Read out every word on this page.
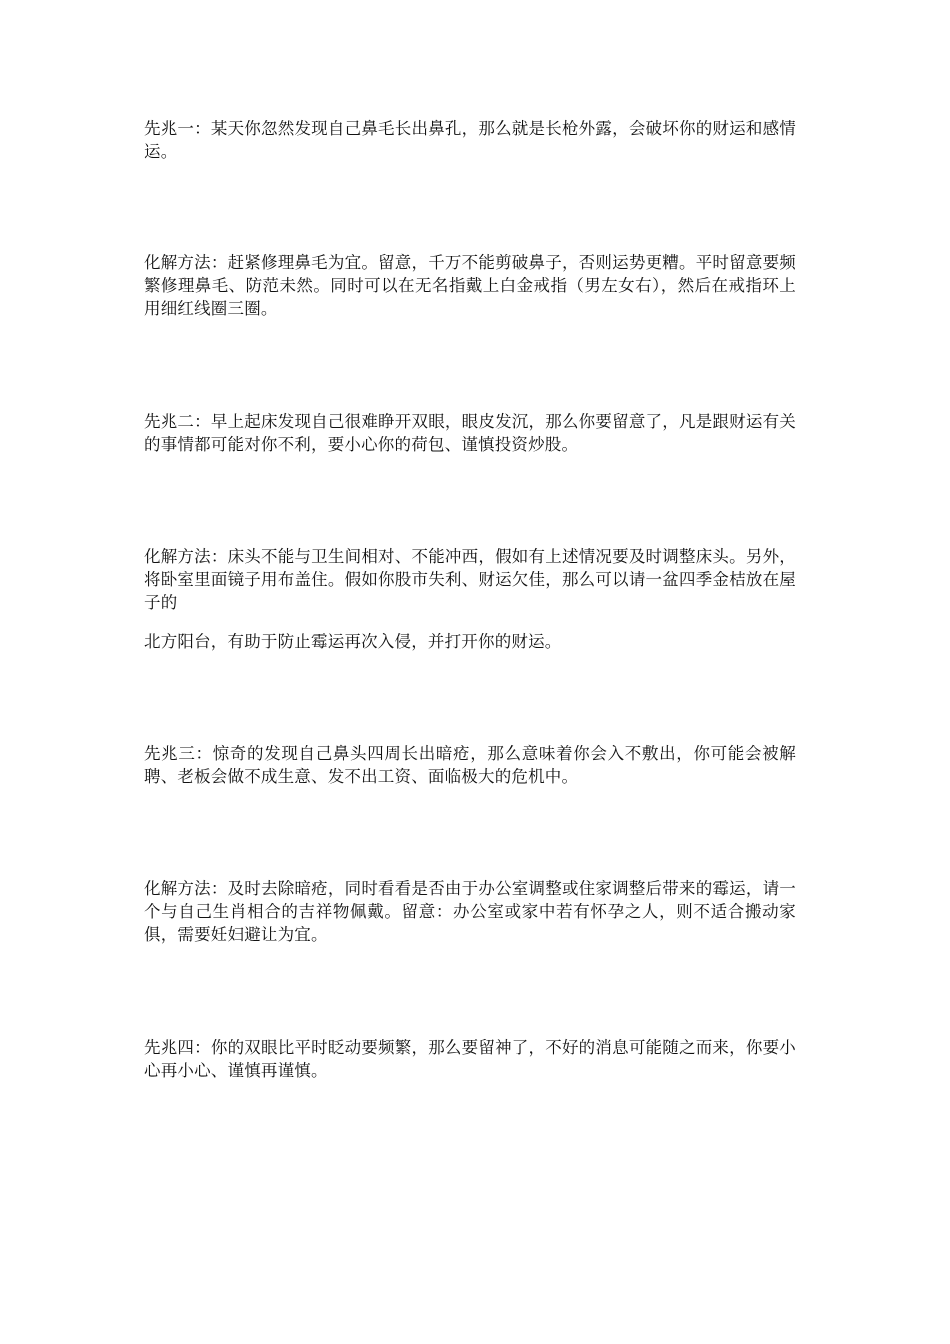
先兆一：某天你忽然发现自己鼻毛长出鼻孔，那么就是长枪外露，会破坏你的财运和感情运。

化解方法：赶紧修理鼻毛为宜。留意，千万不能剪破鼻子，否则运势更糟。平时留意要频繁修理鼻毛、防范未然。同时可以在无名指戴上白金戒指（男左女右），然后在戒指环上用细红线圈三圈。

先兆二：早上起床发现自己很难睁开双眼，眼皮发沉，那么你要留意了，凡是跟财运有关的事情都可能对你不利，要小心你的荷包、谨慎投资炒股。

化解方法：床头不能与卫生间相对、不能冲西，假如有上述情况要及时调整床头。另外，将卧室里面镜子用布盖住。假如你股市失利、财运欠佳，那么可以请一盆四季金桔放在屋子的

北方阳台，有助于防止霉运再次入侵，并打开你的财运。

先兆三：惊奇的发现自己鼻头四周长出暗疮，那么意味着你会入不敷出，你可能会被解聘、老板会做不成生意、发不出工资、面临极大的危机中。

化解方法：及时去除暗疮，同时看看是否由于办公室调整或住家调整后带来的霉运，请一个与自己生肖相合的吉祥物佩戴。留意：办公室或家中若有怀孕之人，则不适合搬动家俱，需要妊妇避让为宜。

先兆四：你的双眼比平时眨动要频繁，那么要留神了，不好的消息可能随之而来，你要小心再小心、谨慎再谨慎。
